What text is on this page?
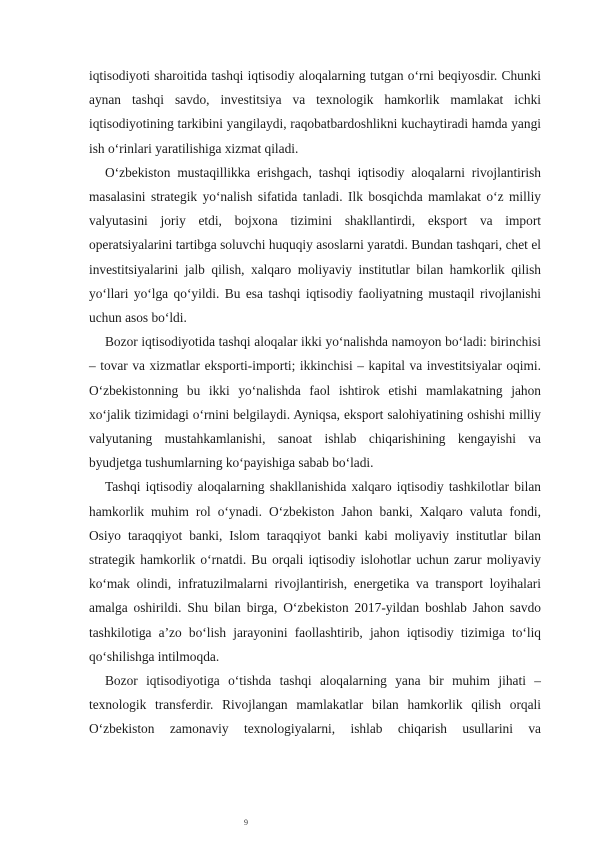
iqtisodiyoti sharoitida tashqi iqtisodiy aloqalarning tutgan o‘rni beqiyosdir. Chunki aynan tashqi savdo, investitsiya va texnologik hamkorlik mamlakat ichki iqtisodiyotining tarkibini yangilaydi, raqobatbardoshlikni kuchaytiradi hamda yangi ish o‘rinlari yaratilishiga xizmat qiladi.

O‘zbekiston mustaqillikka erishgach, tashqi iqtisodiy aloqalarni rivojlantirish masalasini strategik yo‘nalish sifatida tanladi. Ilk bosqichda mamlakat o‘z milliy valyutasini joriy etdi, bojxona tizimini shakllantirdi, eksport va import operatsiyalarini tartibga soluvchi huquqiy asoslarni yaratdi. Bundan tashqari, chet el investitsiyalarini jalb qilish, xalqaro moliyaviy institutlar bilan hamkorlik qilish yo‘llari yo‘lga qo‘yildi. Bu esa tashqi iqtisodiy faoliyatning mustaqil rivojlanishi uchun asos bo‘ldi.

Bozor iqtisodiyotida tashqi aloqalar ikki yo‘nalishda namoyon bo‘ladi: birinchisi – tovar va xizmatlar eksporti-importi; ikkinchisi – kapital va investitsiyalar oqimi. O‘zbekistonning bu ikki yo‘nalishda faol ishtirok etishi mamlakatning jahon xo‘jalik tizimidagi o‘rnini belgilaydi. Ayniqsa, eksport salohiyatining oshishi milliy valyutaning mustahkamlanishi, sanoat ishlab chiqarishining kengayishi va byudjetga tushumlarning ko‘payishiga sabab bo‘ladi.

Tashqi iqtisodiy aloqalarning shakllanishida xalqaro iqtisodiy tashkilotlar bilan hamkorlik muhim rol o‘ynadi. O‘zbekiston Jahon banki, Xalqaro valuta fondi, Osiyo taraqqiyot banki, Islom taraqqiyot banki kabi moliyaviy institutlar bilan strategik hamkorlik o‘rnatdi. Bu orqali iqtisodiy islohotlar uchun zarur moliyaviy ko‘mak olindi, infratuzilmalarni rivojlantirish, energetika va transport loyihalari amalga oshirildi. Shu bilan birga, O‘zbekiston 2017-yildan boshlab Jahon savdo tashkilotiga a’zo bo‘lish jarayonini faollashtirib, jahon iqtisodiy tizimiga to‘liq qo‘shilishga intilmoqda.

Bozor iqtisodiyotiga o‘tishda tashqi aloqalarning yana bir muhim jihati – texnologik transferdir. Rivojlangan mamlakatlar bilan hamkorlik qilish orqali O‘zbekiston zamonaviy texnologiyalarni, ishlab chiqarish usullarini va

9
